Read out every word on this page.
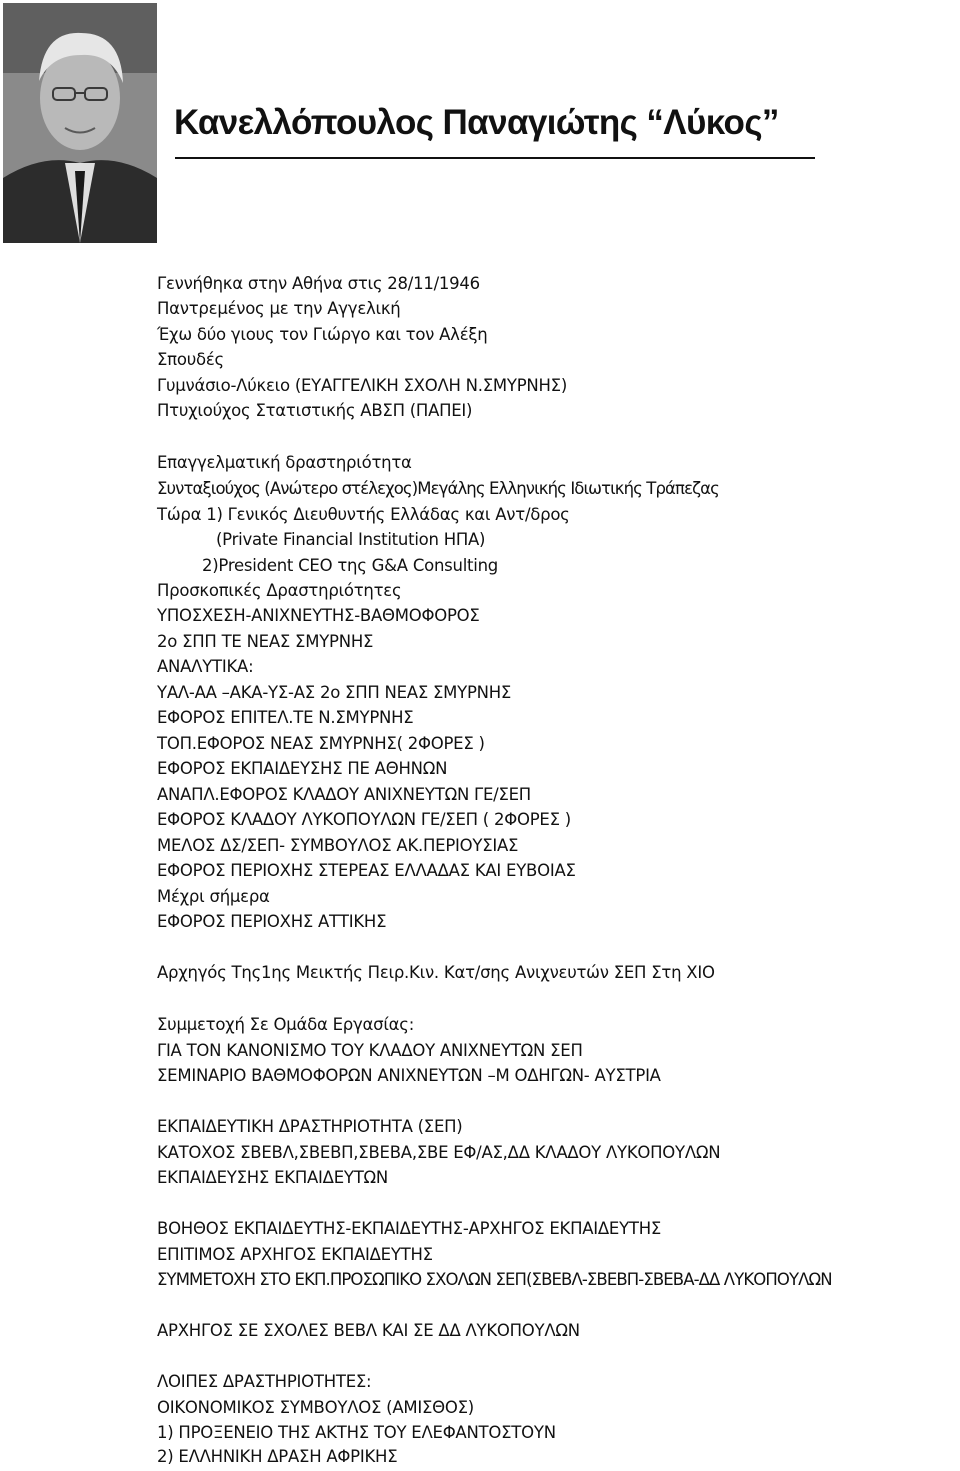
Κανελλόπουλος Παναγιώτης “Λύκος”

Γεννήθηκα στην Αθήνα στις 28/11/1946

Παντρεμένος με την Αγγελική

Έχω δύο γιους τον Γιώργο και τον Αλέξη

Σπουδές

Γυμνάσιο-Λύκειο (ΕΥΑΓΓΕΛΙΚΗ ΣΧΟΛΗ Ν.ΣΜΥΡΝΗΣ)

Πτυχιούχος Στατιστικής ΑΒΣΠ (ΠΑΠΕΙ)

Επαγγελματική δραστηριότητα

Συνταξιούχος (Ανώτερο στέλεχος)Μεγάλης Ελληνικής Ιδιωτικής Τράπεζας

Τώρα 1) Γενικός Διευθυντής Ελλάδας και Αντ/δρος

(Private Financial Institution ΗΠΑ)

2)President CEO της G&A Consulting

Προσκοπικές Δραστηριότητες

ΥΠΟΣΧΕΣΗ-ΑΝΙΧΝΕΥΤΗΣ-ΒΑΘΜΟΦΟΡΟΣ

2ο ΣΠΠ ΤΕ ΝΕΑΣ ΣΜΥΡΝΗΣ

ΑΝΑΛΥΤΙΚΑ:

ΥΑΛ-ΑΑ –ΑΚΑ-ΥΣ-ΑΣ 2ο ΣΠΠ ΝΕΑΣ ΣΜΥΡΝΗΣ

ΕΦΟΡΟΣ ΕΠΙΤΕΛ.ΤΕ Ν.ΣΜΥΡΝΗΣ

ΤΟΠ.ΕΦΟΡΟΣ ΝΕΑΣ ΣΜΥΡΝΗΣ( 2ΦΟΡΕΣ )

ΕΦΟΡΟΣ ΕΚΠΑΙΔΕΥΣΗΣ ΠΕ ΑΘΗΝΩΝ

ΑΝΑΠΛ.ΕΦΟΡΟΣ ΚΛΑΔΟΥ ΑΝΙΧΝΕΥΤΩΝ ΓΕ/ΣΕΠ

ΕΦΟΡΟΣ ΚΛΑΔΟΥ ΛΥΚΟΠΟΥΛΩΝ ΓΕ/ΣΕΠ ( 2ΦΟΡΕΣ )

ΜΕΛΟΣ ΔΣ/ΣΕΠ- ΣΥΜΒΟΥΛΟΣ ΑΚ.ΠΕΡΙΟΥΣΙΑΣ

ΕΦΟΡΟΣ ΠΕΡΙΟΧΗΣ ΣΤΕΡΕΑΣ ΕΛΛΑΔΑΣ ΚΑΙ ΕΥΒΟΙΑΣ

Μέχρι σήμερα

ΕΦΟΡΟΣ ΠΕΡΙΟΧΗΣ ΑΤΤΙΚΗΣ

Αρχηγός Της1ης Μεικτής Πειρ.Κιν. Κατ/σης Ανιχνευτών ΣΕΠ Στη ΧΙΟ

Συμμετοχή Σε Ομάδα Εργασίας:

ΓΙΑ ΤΟΝ ΚΑΝΟΝΙΣΜΟ ΤΟΥ ΚΛΑΔΟΥ ΑΝΙΧΝΕΥΤΩΝ ΣΕΠ

ΣΕΜΙΝΑΡΙΟ ΒΑΘΜΟΦΟΡΩΝ ΑΝΙΧΝΕΥΤΩΝ –Μ ΟΔΗΓΩΝ- ΑΥΣΤΡΙΑ

ΕΚΠΑΙΔΕΥΤΙΚΗ ΔΡΑΣΤΗΡΙΟΤΗΤΑ (ΣΕΠ)

ΚΑΤΟΧΟΣ ΣΒΕΒΛ,ΣΒΕΒΠ,ΣΒΕΒΑ,ΣΒΕ ΕΦ/ΑΣ,ΔΔ ΚΛΑΔΟΥ ΛΥΚΟΠΟΥΛΩΝ

ΕΚΠΑΙΔΕΥΣΗΣ ΕΚΠΑΙΔΕΥΤΩΝ

ΒΟΗΘΟΣ ΕΚΠΑΙΔΕΥΤΗΣ-ΕΚΠΑΙΔΕΥΤΗΣ-ΑΡΧΗΓΟΣ ΕΚΠΑΙΔΕΥΤΗΣ

ΕΠΙΤΙΜΟΣ ΑΡΧΗΓΟΣ ΕΚΠΑΙΔΕΥΤΗΣ

ΣΥΜΜΕΤΟΧΗ ΣΤΟ ΕΚΠ.ΠΡΟΣΩΠΙΚΟ ΣΧΟΛΩΝ ΣΕΠ(ΣΒΕΒΛ-ΣΒΕΒΠ-ΣΒΕΒΑ-ΔΔ ΛΥΚΟΠΟΥΛΩΝ

ΑΡΧΗΓΟΣ ΣΕ ΣΧΟΛΕΣ ΒΕΒΛ ΚΑΙ ΣΕ ΔΔ ΛΥΚΟΠΟΥΛΩΝ

ΛΟΙΠΕΣ ΔΡΑΣΤΗΡΙΟΤΗΤΕΣ:

ΟΙΚΟΝΟΜΙΚΟΣ ΣΥΜΒΟΥΛΟΣ (ΑΜΙΣΘΟΣ)

1) ΠΡΟΞΕΝΕΙΟ ΤΗΣ ΑΚΤΗΣ ΤΟΥ ΕΛΕΦΑΝΤΟΣΤΟΥΝ

2) ΕΛΛΗΝΙΚΗ ΔΡΑΣΗ ΑΦΡΙΚΗΣ
